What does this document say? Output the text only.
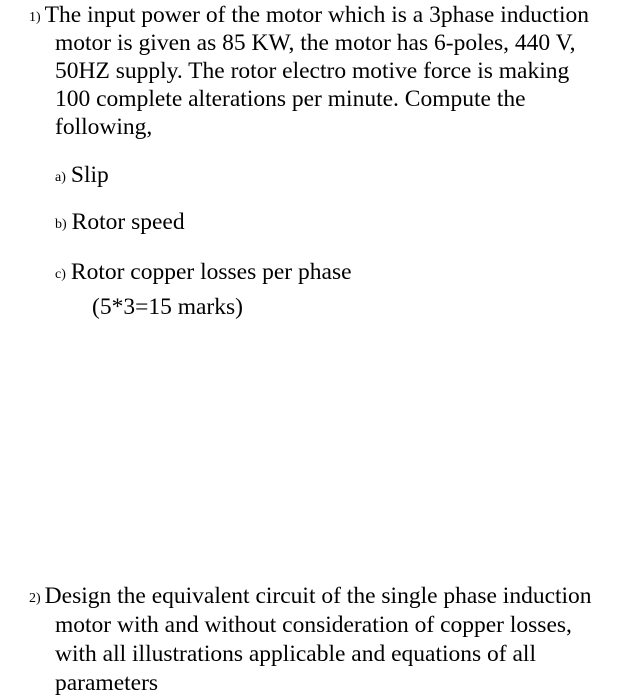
1) The input power of the motor which is a 3phase induction
motor is given as 85 KW, the motor has 6-poles, 440 V,
50HZ supply. The rotor electro motive force is making
100 complete alterations per minute. Compute the
following,
a) Slip
b) Rotor speed
c) Rotor copper losses per phase
(5*3=15 marks)
2) Design the equivalent circuit of the single phase induction
motor with and without consideration of copper losses,
with all illustrations applicable and equations of all
parameters
